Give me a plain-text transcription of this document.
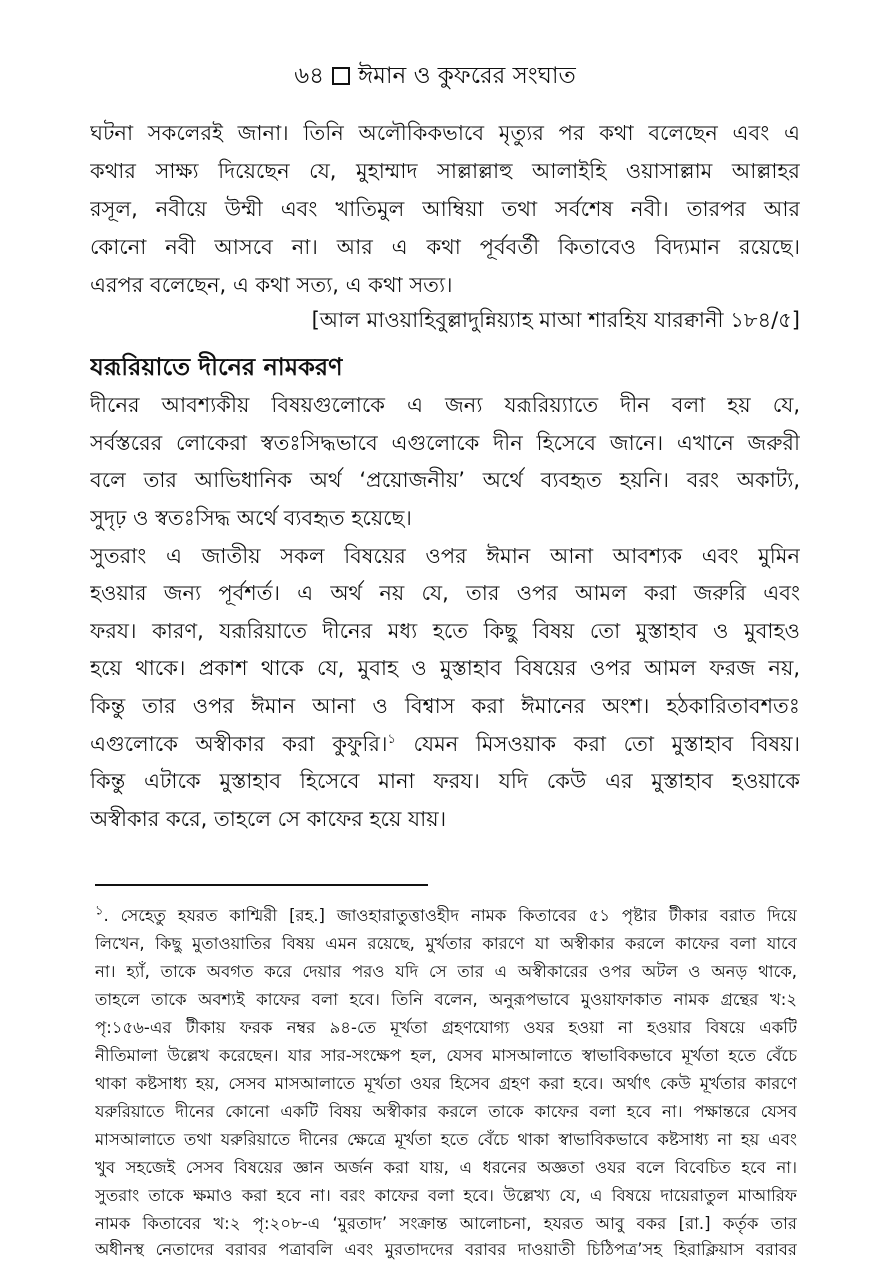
৬৪ ঈমান ও কুফরের সংঘাত
ঘটনা সকলেরই জানা। তিনি অলৌকিকভাবে মৃত্যুর পর কথা বলেছেন এবং এ
কথার সাক্ষ্য দিয়েছেন যে, মুহাম্মাদ সাল্লাল্লাহু আলাইহি ওয়াসাল্লাম আল্লাহর
রসূল, নবীয়ে উম্মী এবং খাতিমুল আম্বিয়া তথা সর্বশেষ নবী। তারপর আর
কোনো নবী আসবে না। আর এ কথা পূর্ববর্তী কিতাবেও বিদ্যমান রয়েছে।
এরপর বলেছেন, এ কথা সত্য, এ কথা সত্য।
[আল মাওয়াহিবুল্লাদুন্নিয়্যাহ মাআ শারহিয যারক্বানী ১৮৪/৫]
যরূরিয়াতে দীনের নামকরণ
দীনের আবশ্যকীয় বিষয়গুলোকে এ জন্য যরূরিয়্যাতে দীন বলা হয় যে,
সর্বস্তরের লোকেরা স্বতঃসিদ্ধভাবে এগুলোকে দীন হিসেবে জানে। এখানে জরুরী
বলে তার আভিধানিক অর্থ ‘প্রয়োজনীয়’ অর্থে ব্যবহৃত হয়নি। বরং অকাট্য,
সুদৃঢ় ও স্বতঃসিদ্ধ অর্থে ব্যবহৃত হয়েছে।
সুতরাং এ জাতীয় সকল বিষয়ের ওপর ঈমান আনা আবশ্যক এবং মুমিন
হওয়ার জন্য পূর্বশর্ত। এ অর্থ নয় যে, তার ওপর আমল করা জরুরি এবং
ফরয। কারণ, যরূরিয়াতে দীনের মধ্য হতে কিছু বিষয় তো মুস্তাহাব ও মুবাহও
হয়ে থাকে। প্রকাশ থাকে যে, মুবাহ ও মুস্তাহাব বিষয়ের ওপর আমল ফরজ নয়,
কিন্তু তার ওপর ঈমান আনা ও বিশ্বাস করা ঈমানের অংশ। হঠকারিতাবশতঃ
এগুলোকে অস্বীকার করা কুফুরি।$^১$ যেমন মিসওয়াক করা তো মুস্তাহাব বিষয়।
কিন্তু এটাকে মুস্তাহাব হিসেবে মানা ফরয। যদি কেউ এর মুস্তাহাব হওয়াকে
অস্বীকার করে, তাহলে সে কাফের হয়ে যায়।
$^১$. সেহেতু হযরত কাশ্মিরী [রহ.] জাওহারাতুত্তাওহীদ নামক কিতাবের ৫১ পৃষ্টার টীকার বরাত দিয়ে
লিখেন, কিছু মুতাওয়াতির বিষয় এমন রয়েছে, মুর্খতার কারণে যা অস্বীকার করলে কাফের বলা যাবে
না। হ্যাঁ, তাকে অবগত করে দেয়ার পরও যদি সে তার এ অস্বীকারের ওপর অটল ও অনড় থাকে,
তাহলে তাকে অবশ্যই কাফের বলা হবে। তিনি বলেন, অনুরূপভাবে মুওয়াফাকাত নামক গ্রন্থের খ:২
পৃ:১৫৬-এর টীকায় ফরক নম্বর ৯৪-তে মূর্খতা গ্রহণযোগ্য ওযর হওয়া না হওয়ার বিষয়ে একটি
নীতিমালা উল্লেখ করেছেন। যার সার-সংক্ষেপ হল, যেসব মাসআলাতে স্বাভাবিকভাবে মূর্খতা হতে বেঁচে
থাকা কষ্টসাধ্য হয়, সেসব মাসআলাতে মূর্খতা ওযর হিসেব গ্রহণ করা হবে। অর্থাৎ কেউ মূর্খতার কারণে
যরুরিয়াতে দীনের কোনো একটি বিষয় অস্বীকার করলে তাকে কাফের বলা হবে না। পক্ষান্তরে যেসব
মাসআলাতে তথা যরুরিয়াতে দীনের ক্ষেত্রে মূর্খতা হতে বেঁচে থাকা স্বাভাবিকভাবে কষ্টসাধ্য না হয় এবং
খুব সহজেই সেসব বিষয়ের জ্ঞান অর্জন করা যায়, এ ধরনের অজ্ঞতা ওযর বলে বিবেচিত হবে না।
সুতরাং তাকে ক্ষমাও করা হবে না। বরং কাফের বলা হবে। উল্লেখ্য যে, এ বিষয়ে দায়েরাতুল মাআরিফ
নামক কিতাবের খ:২ পৃ:২০৮-এ ‘মুরতাদ’ সংক্রান্ত আলোচনা, হযরত আবু বকর [রা.] কর্তৃক তার
অধীনস্থ নেতাদের বরাবর পত্রাবলি এবং মুরতাদদের বরাবর দাওয়াতী চিঠিপত্র’সহ হিরাক্লিয়াস বরাবর
